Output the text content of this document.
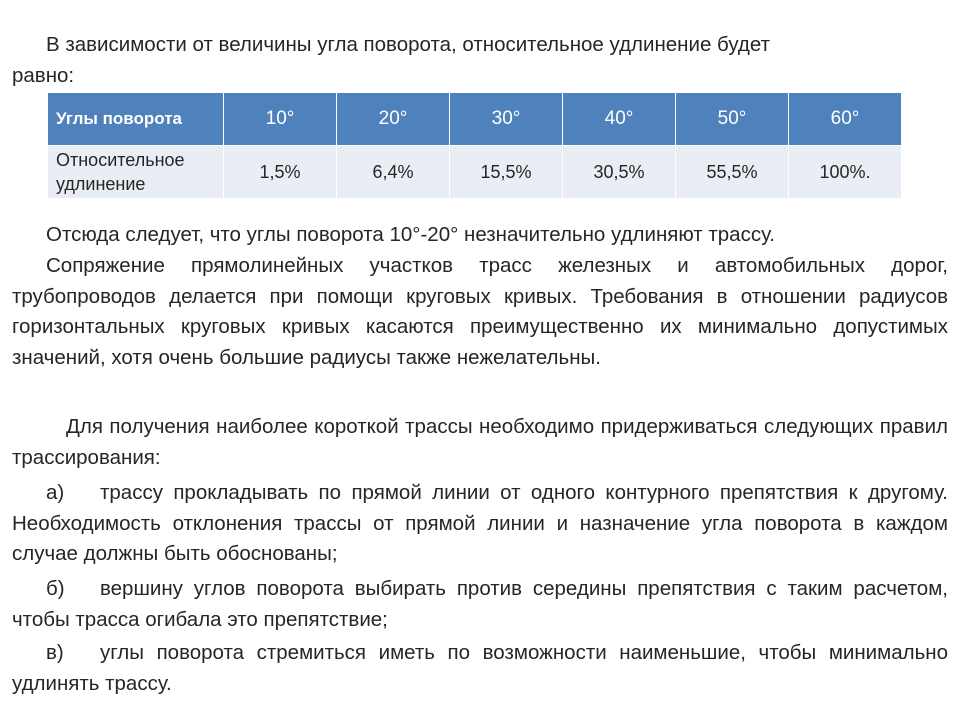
В зависимости от величины угла поворота, относительное удлинение будет
равно:

Углы поворота	10°	20°	30°	40°	50°	60°
Относительное
удлинение	1,5%	6,4%	15,5%	30,5%	55,5%	100%.

Отсюда следует, что углы поворота 10°-20° незначительно удлиняют трассу.

Сопряжение прямолинейных участков трасс железных и автомобильных дорог, трубопроводов делается при помощи круговых кривых. Требования в отношении радиусов горизонтальных круговых кривых касаются преимущественно их минимально допустимых значений, хотя очень большие радиусы также нежелательны.

Для получения наиболее короткой трассы необходимо придерживаться следующих правил трассирования:

а) трассу прокладывать по прямой линии от одного контурного препятствия к другому. Необходимость отклонения трассы от прямой линии и назначение угла поворота в каждом случае должны быть обоснованы;

б) вершину углов поворота выбирать против середины препятствия с таким расчетом, чтобы трасса огибала это препятствие;

в) углы поворота стремиться иметь по возможности наименьшие, чтобы минимально удлинять трассу.
